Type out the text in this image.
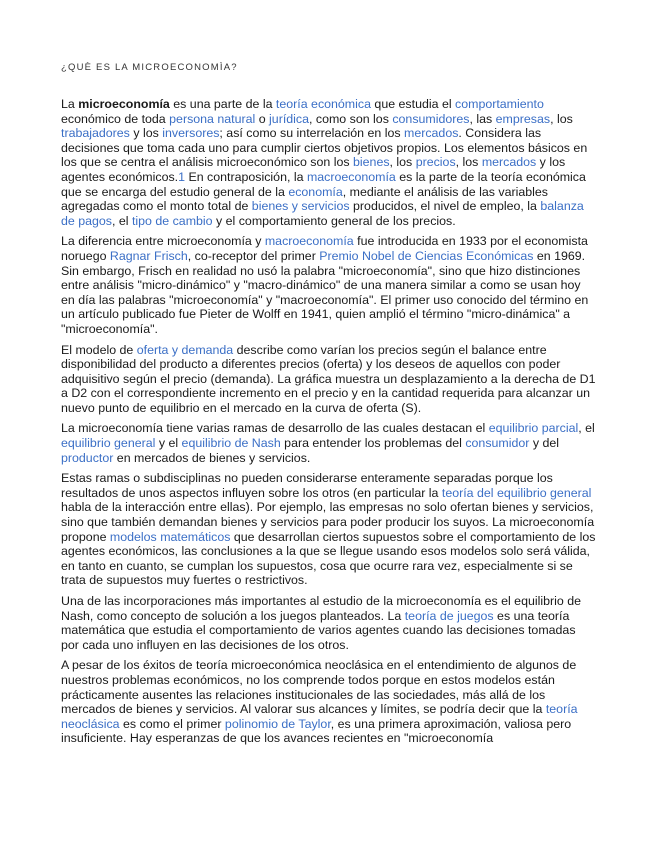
¿QUÈ ES LA MICROECONOMÌA?

La microeconomía es una parte de la teoría económica que estudia el comportamiento económico de toda persona natural o jurídica, como son los consumidores, las empresas, los trabajadores y los inversores; así como su interrelación en los mercados. Considera las decisiones que toma cada uno para cumplir ciertos objetivos propios. Los elementos básicos en los que se centra el análisis microeconómico son los bienes, los precios, los mercados y los agentes económicos.1 En contraposición, la macroeconomía es la parte de la teoría económica que se encarga del estudio general de la economía, mediante el análisis de las variables agregadas como el monto total de bienes y servicios producidos, el nivel de empleo, la balanza de pagos, el tipo de cambio y el comportamiento general de los precios.

La diferencia entre microeconomía y macroeconomía fue introducida en 1933 por el economista noruego Ragnar Frisch, co-receptor del primer Premio Nobel de Ciencias Económicas en 1969. Sin embargo, Frisch en realidad no usó la palabra "microeconomía", sino que hizo distinciones entre análisis "micro-dinámico" y "macro-dinámico" de una manera similar a como se usan hoy en día las palabras "microeconomía" y "macroeconomía". El primer uso conocido del término en un artículo publicado fue Pieter de Wolff en 1941, quien amplió el término "micro-dinámica" a "microeconomía".

El modelo de oferta y demanda describe como varían los precios según el balance entre disponibilidad del producto a diferentes precios (oferta) y los deseos de aquellos con poder adquisitivo según el precio (demanda). La gráfica muestra un desplazamiento a la derecha de D1 a D2 con el correspondiente incremento en el precio y en la cantidad requerida para alcanzar un nuevo punto de equilibrio en el mercado en la curva de oferta (S).

La microeconomía tiene varias ramas de desarrollo de las cuales destacan el equilibrio parcial, el equilibrio general y el equilibrio de Nash para entender los problemas del consumidor y del productor en mercados de bienes y servicios.

Estas ramas o subdisciplinas no pueden considerarse enteramente separadas porque los resultados de unos aspectos influyen sobre los otros (en particular la teoría del equilibrio general habla de la interacción entre ellas). Por ejemplo, las empresas no solo ofertan bienes y servicios, sino que también demandan bienes y servicios para poder producir los suyos. La microeconomía propone modelos matemáticos que desarrollan ciertos supuestos sobre el comportamiento de los agentes económicos, las conclusiones a la que se llegue usando esos modelos solo será válida, en tanto en cuanto, se cumplan los supuestos, cosa que ocurre rara vez, especialmente si se trata de supuestos muy fuertes o restrictivos.

Una de las incorporaciones más importantes al estudio de la microeconomía es el equilibrio de Nash, como concepto de solución a los juegos planteados. La teoría de juegos es una teoría matemática que estudia el comportamiento de varios agentes cuando las decisiones tomadas por cada uno influyen en las decisiones de los otros.

A pesar de los éxitos de teoría microeconómica neoclásica en el entendimiento de algunos de nuestros problemas económicos, no los comprende todos porque en estos modelos están prácticamente ausentes las relaciones institucionales de las sociedades, más allá de los mercados de bienes y servicios. Al valorar sus alcances y límites, se podría decir que la teoría neoclásica es como el primer polinomio de Taylor, es una primera aproximación, valiosa pero insuficiente. Hay esperanzas de que los avances recientes en "microeconomía
